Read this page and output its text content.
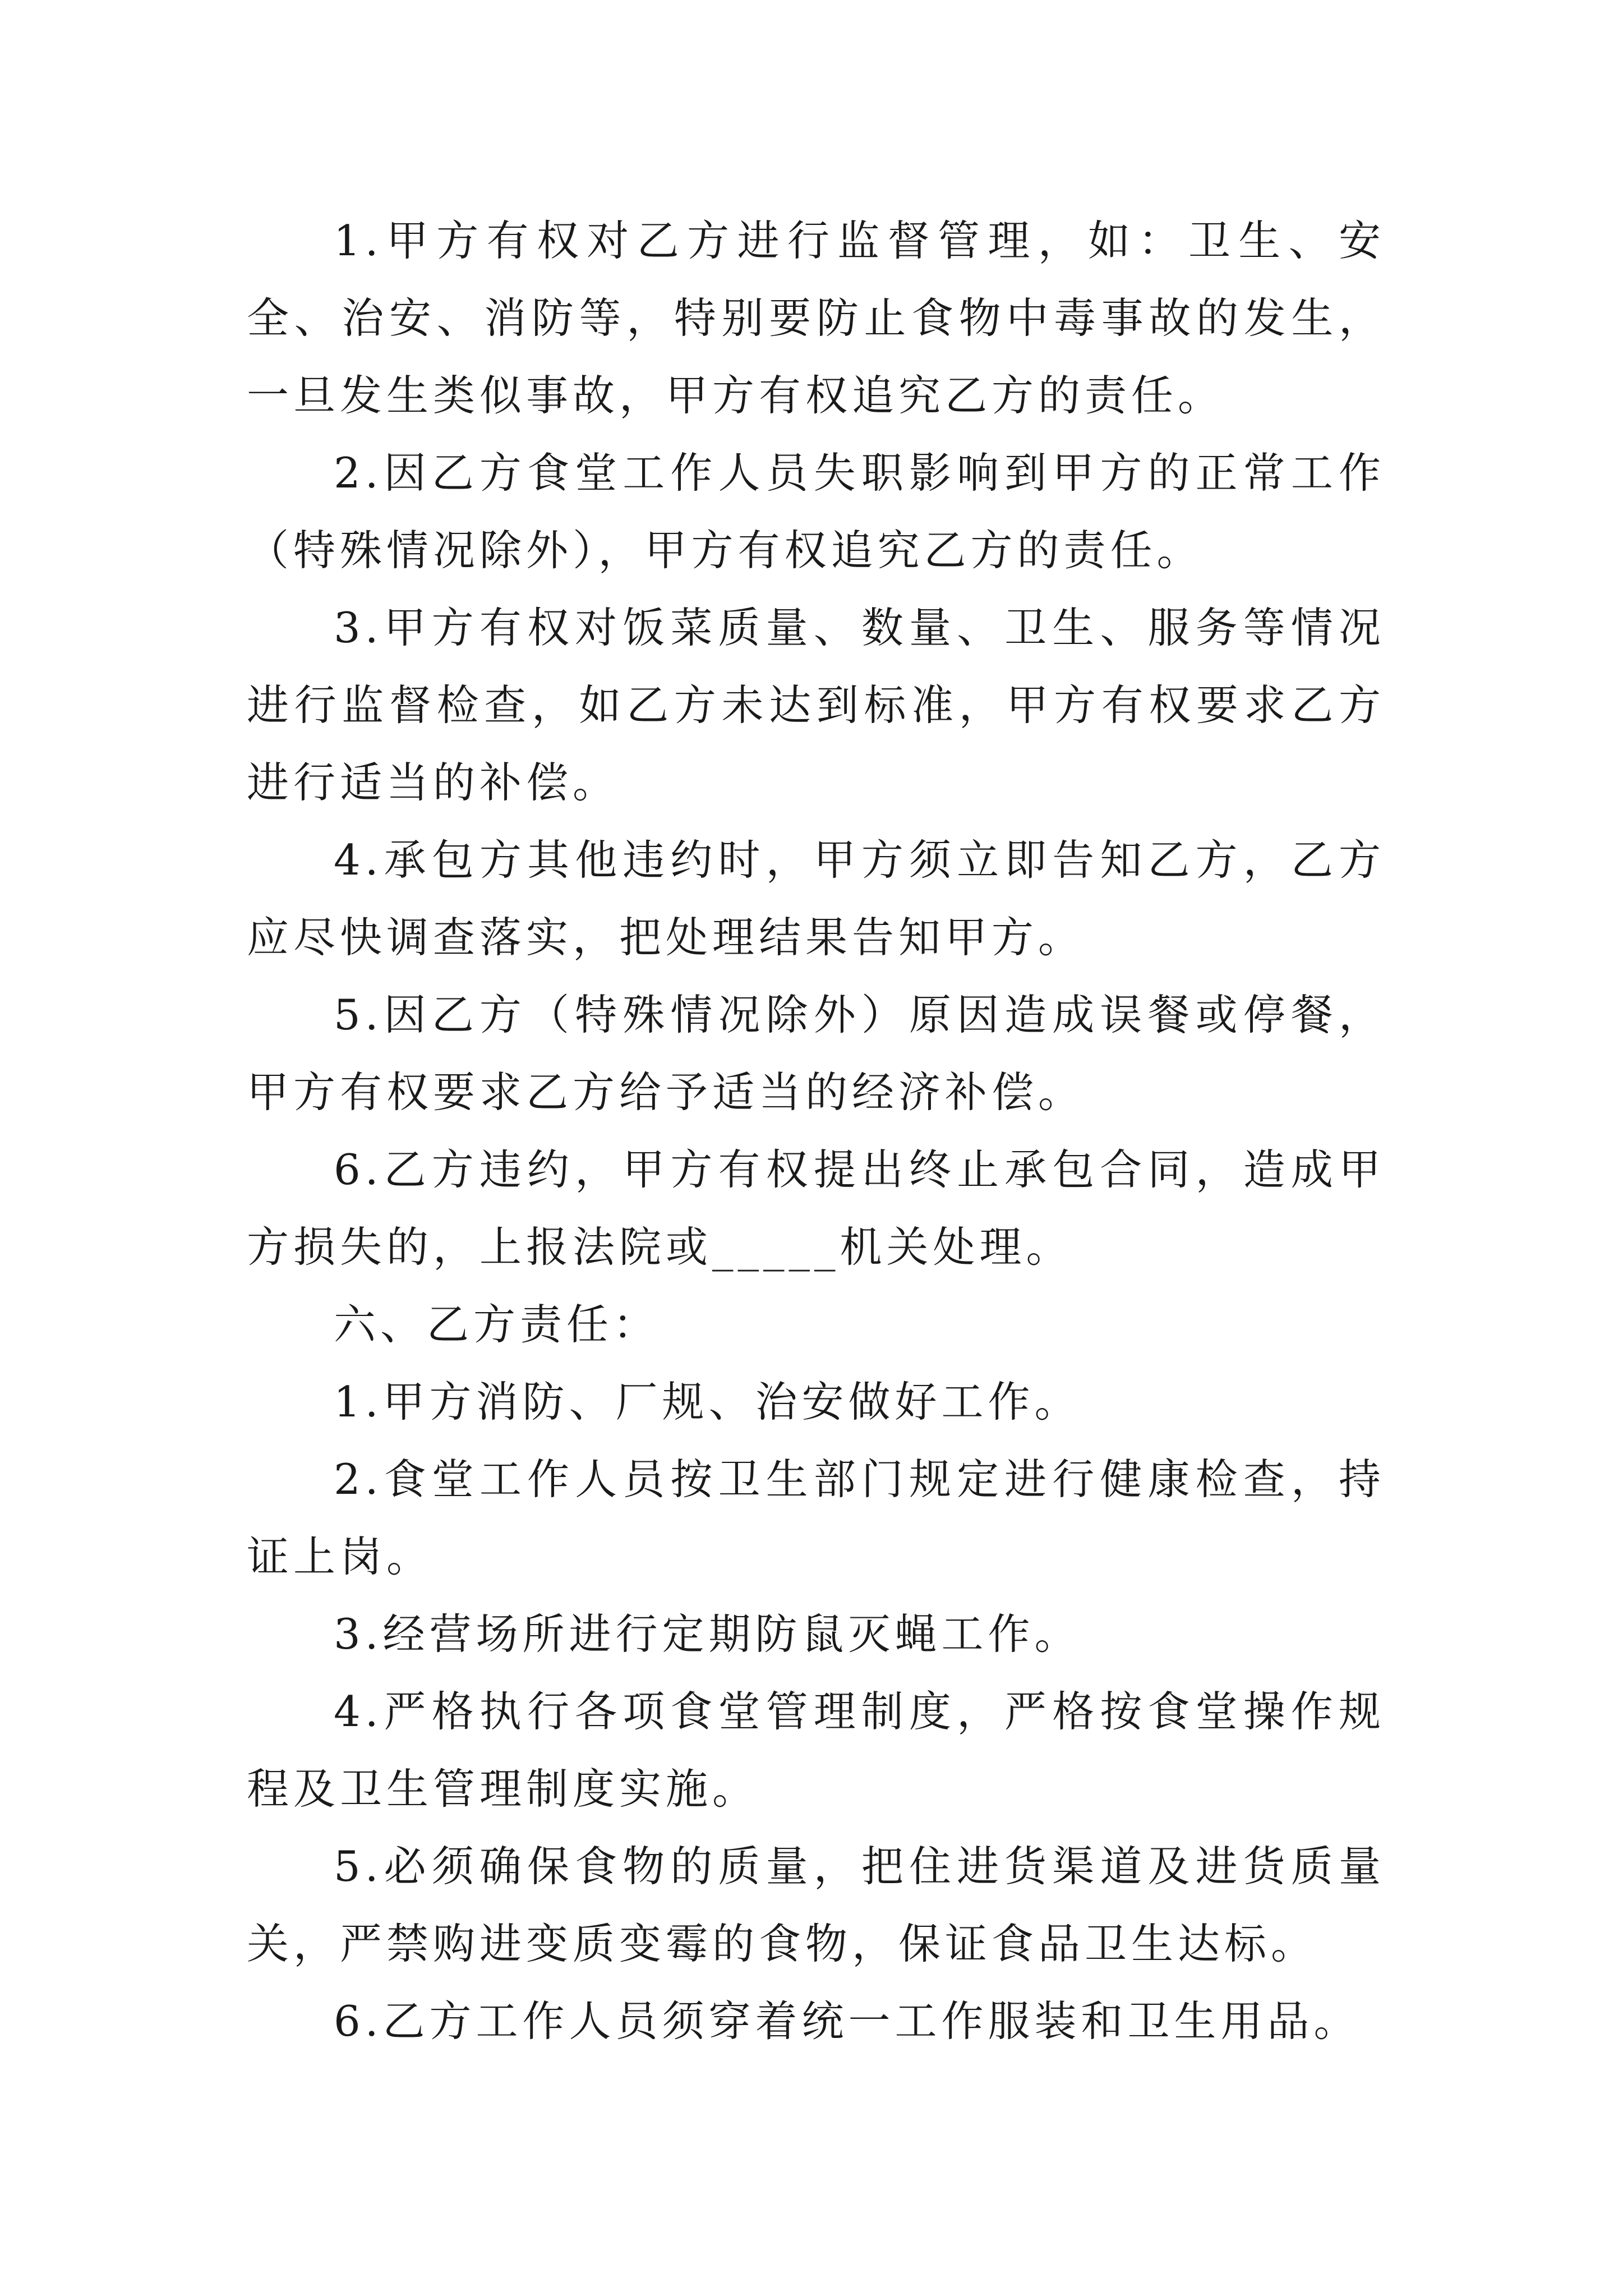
1.甲方有权对乙方进行监督管理，如：卫生、安全、治安、消防等，特别要防止食物中毒事故的发生，一旦发生类似事故，甲方有权追究乙方的责任。

2.因乙方食堂工作人员失职影响到甲方的正常工作（特殊情况除外），甲方有权追究乙方的责任。

3.甲方有权对饭菜质量、数量、卫生、服务等情况进行监督检查，如乙方未达到标准，甲方有权要求乙方进行适当的补偿。

4.承包方其他违约时，甲方须立即告知乙方，乙方应尽快调查落实，把处理结果告知甲方。

5.因乙方（特殊情况除外）原因造成误餐或停餐，甲方有权要求乙方给予适当的经济补偿。

6.乙方违约，甲方有权提出终止承包合同，造成甲方损失的，上报法院或_____机关处理。

六、乙方责任：

1.甲方消防、厂规、治安做好工作。

2.食堂工作人员按卫生部门规定进行健康检查，持证上岗。

3.经营场所进行定期防鼠灭蝇工作。

4.严格执行各项食堂管理制度，严格按食堂操作规程及卫生管理制度实施。

5.必须确保食物的质量，把住进货渠道及进货质量关，严禁购进变质变霉的食物，保证食品卫生达标。

6.乙方工作人员须穿着统一工作服装和卫生用品。
